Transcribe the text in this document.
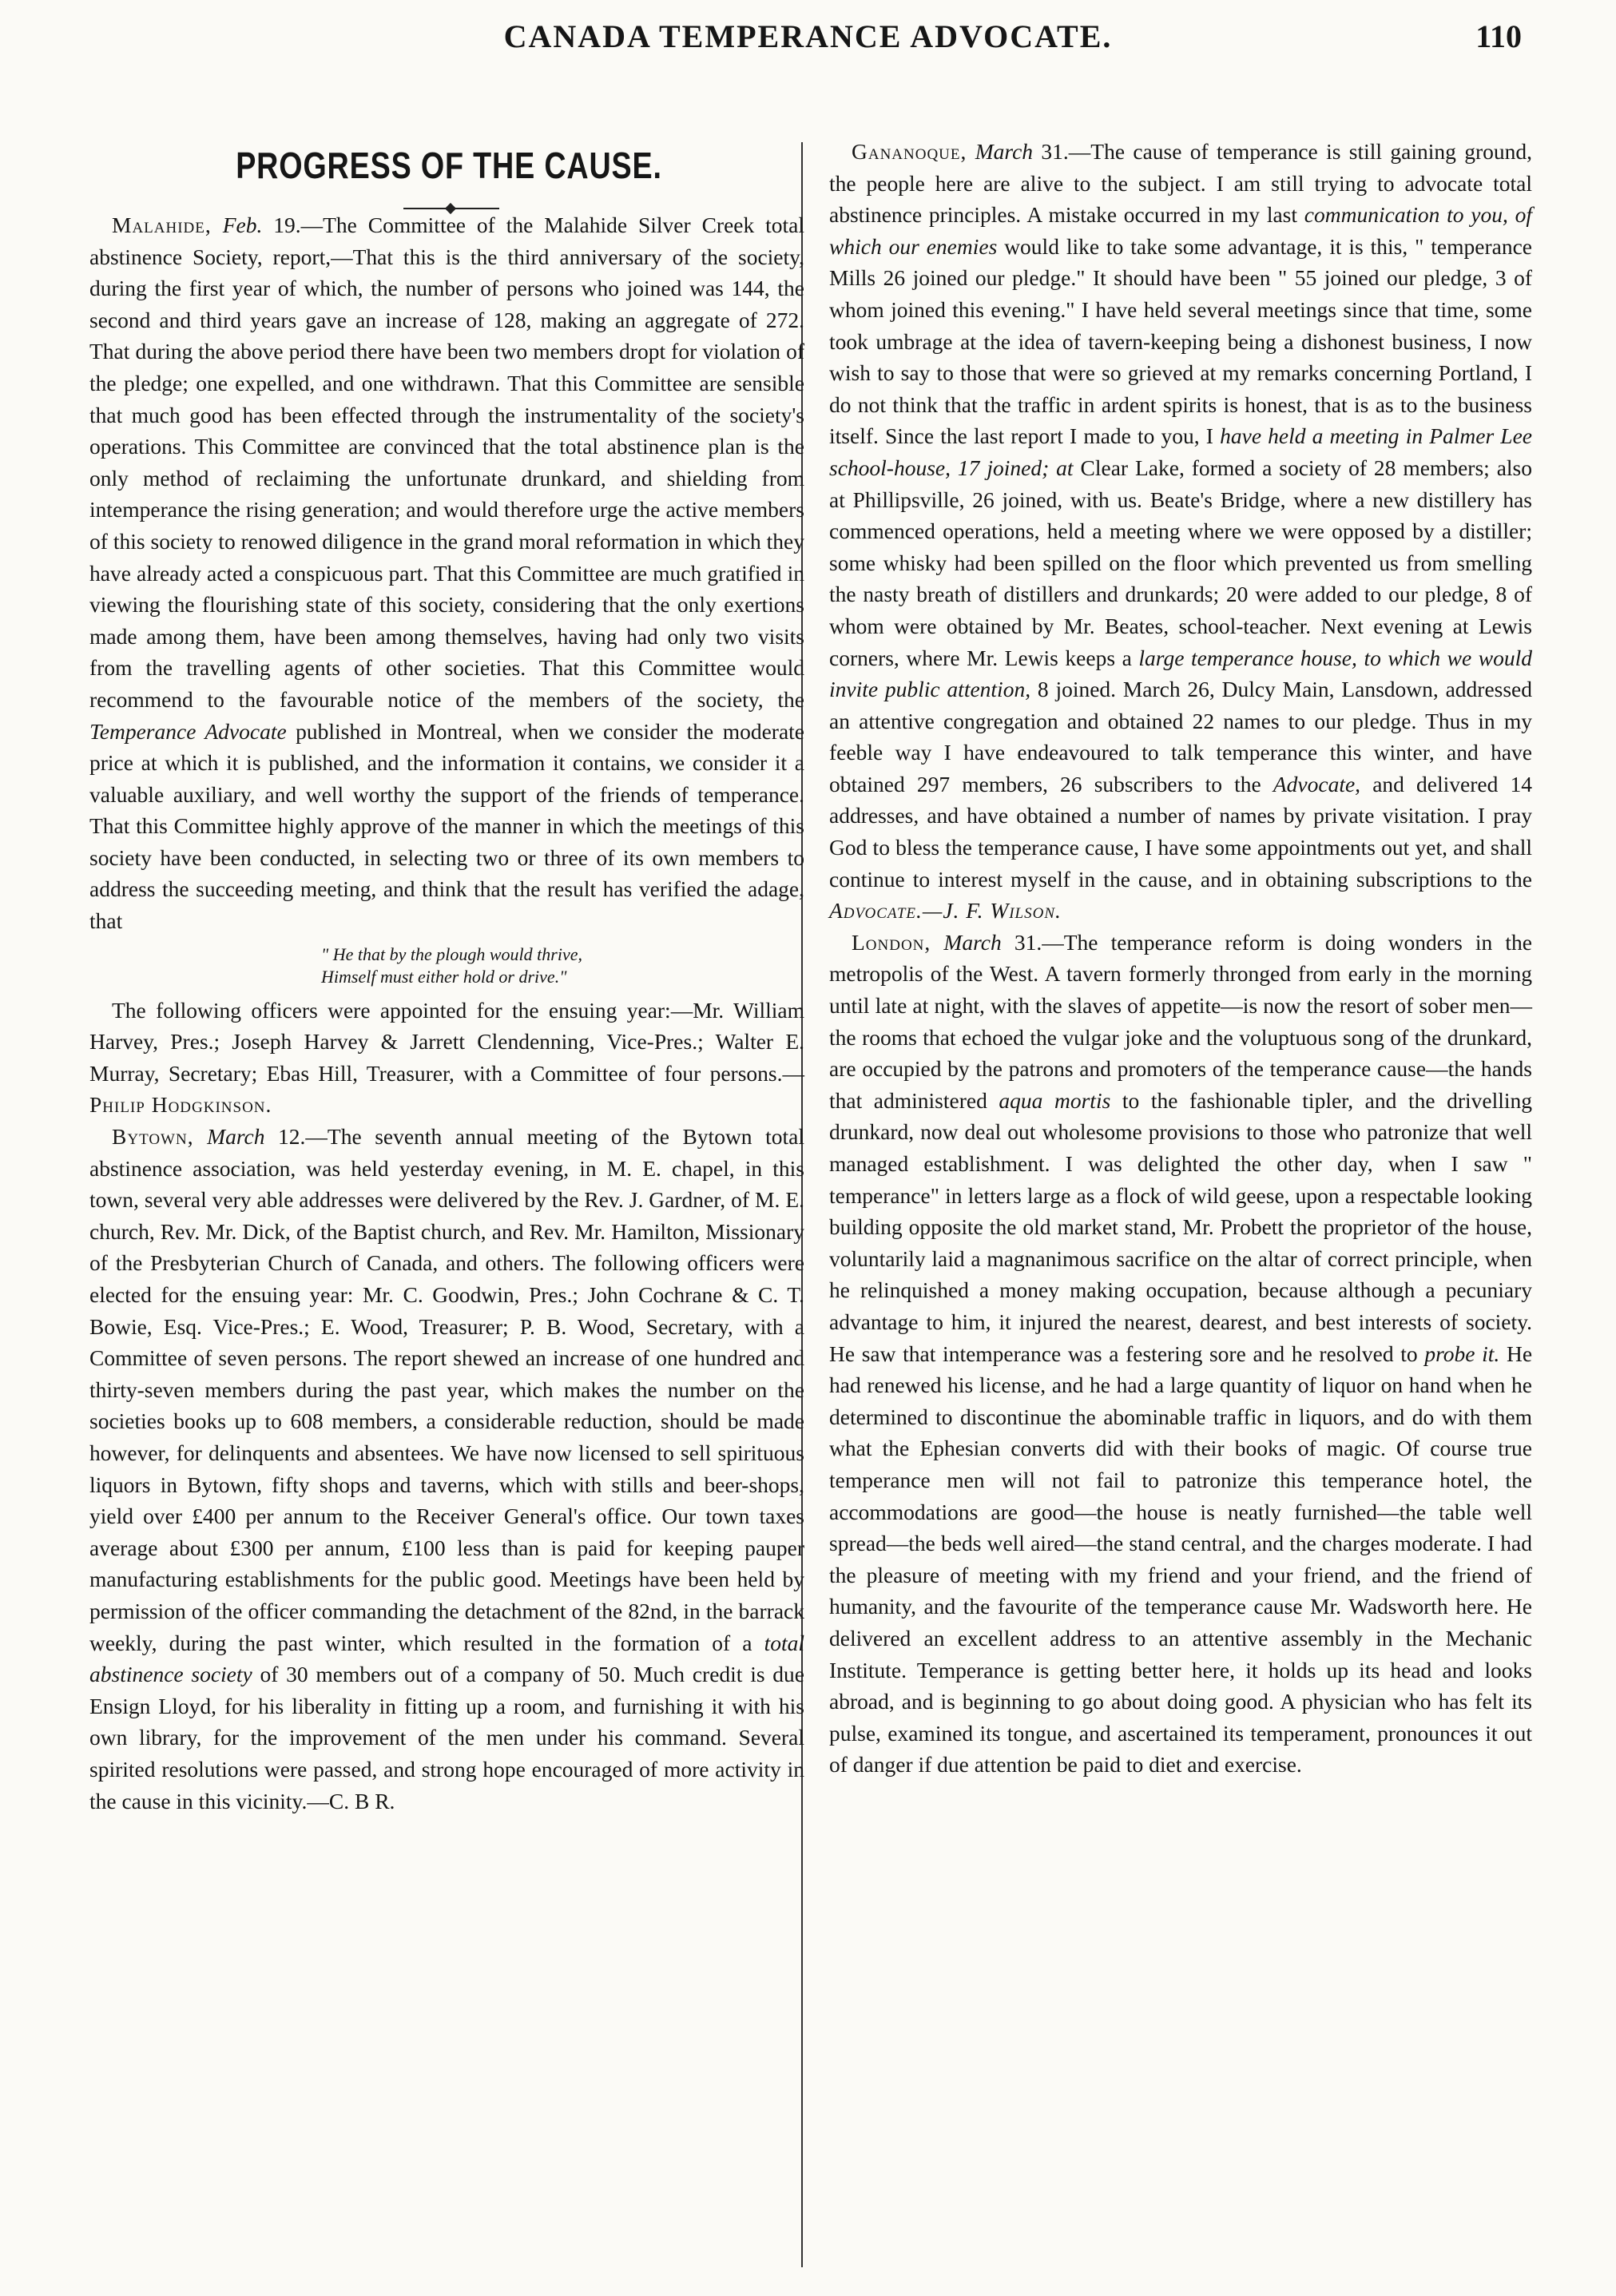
CANADA TEMPERANCE ADVOCATE.	110
PROGRESS OF THE CAUSE.

Malahide, Feb. 19.—The Committee of the Malahide Silver Creek total abstinence Society, report,—That this is the third anniversary of the society, during the first year of which, the number of persons who joined was 144, the second and third years gave an increase of 128, making an aggregate of 272. That during the above period there have been two members dropt for violation of the pledge; one expelled, and one withdrawn. That this Committee are sensible that much good has been effected through the instrumentality of the society's operations. This Committee are convinced that the total abstinence plan is the only method of reclaiming the unfortunate drunkard, and shielding from intemperance the rising generation; and would therefore urge the active members of this society to renowed diligence in the grand moral reformation in which they have already acted a conspicuous part. That this Committee are much gratified in viewing the flourishing state of this society, considering that the only exertions made among them, have been among themselves, having had only two visits from the travelling agents of other societies. That this Committee would recommend to the favourable notice of the members of the society, the Temperance Advocate published in Montreal, when we consider the moderate price at which it is published, and the information it contains, we consider it a valuable auxiliary, and well worthy the support of the friends of temperance. That this Committee highly approve of the manner in which the meetings of this society have been conducted, in selecting two or three of its own members to address the succeeding meeting, and think that the result has verified the adage, that

" He that by the plough would thrive,
Himself must either hold or drive."

The following officers were appointed for the ensuing year:—Mr. William Harvey, Pres.; Joseph Harvey & Jarrett Clendenning, Vice-Pres.; Walter E. Murray, Secretary; Ebas Hill, Treasurer, with a Committee of four persons.—Philip Hodgkinson.

Bytown, March 12.—The seventh annual meeting of the Bytown total abstinence association, was held yesterday evening, in M. E. chapel, in this town, several very able addresses were delivered by the Rev. J. Gardner, of M. E. church, Rev. Mr. Dick, of the Baptist church, and Rev. Mr. Hamilton, Missionary of the Presbyterian Church of Canada, and others. The following officers were elected for the ensuing year: Mr. C. Goodwin, Pres.; John Cochrane & C. T. Bowie, Esq. Vice-Pres.; E. Wood, Treasurer; P. B. Wood, Secretary, with a Committee of seven persons. The report shewed an increase of one hundred and thirty-seven members during the past year, which makes the number on the societies books up to 608 members, a considerable reduction, should be made however, for delinquents and absentees. We have now licensed to sell spirituous liquors in Bytown, fifty shops and taverns, which with stills and beer-shops, yield over £400 per annum to the Receiver General's office. Our town taxes average about £300 per annum, £100 less than is paid for keeping pauper manufacturing establishments for the public good. Meetings have been held by permission of the officer commanding the detachment of the 82nd, in the barrack weekly, during the past winter, which resulted in the formation of a total abstinence society of 30 members out of a company of 50. Much credit is due Ensign Lloyd, for his liberality in fitting up a room, and furnishing it with his own library, for the improvement of the men under his command. Several spirited resolutions were passed, and strong hope encouraged of more activity in the cause in this vicinity.—C. B R.

Gananoque, March 31.—The cause of temperance is still gaining ground, the people here are alive to the subject. I am still trying to advocate total abstinence principles. A mistake occurred in my last communication to you, of which our enemies would like to take some advantage, it is this, " temperance Mills 26 joined our pledge." It should have been " 55 joined our pledge, 3 of whom joined this evening." I have held several meetings since that time, some took umbrage at the idea of tavern-keeping being a dishonest business, I now wish to say to those that were so grieved at my remarks concerning Portland, I do not think that the traffic in ardent spirits is honest, that is as to the business itself. Since the last report I made to you, I have held a meeting in Palmer Lee school-house, 17 joined; at Clear Lake, formed a society of 28 members; also at Phillipsville, 26 joined, with us. Beate's Bridge, where a new distillery has commenced operations, held a meeting where we were opposed by a distiller; some whisky had been spilled on the floor which prevented us from smelling the nasty breath of distillers and drunkards; 20 were added to our pledge, 8 of whom were obtained by Mr. Beates, school-teacher. Next evening at Lewis corners, where Mr. Lewis keeps a large temperance house, to which we would invite public attention, 8 joined. March 26, Dulcy Main, Lansdown, addressed an attentive congregation and obtained 22 names to our pledge. Thus in my feeble way I have endeavoured to talk temperance this winter, and have obtained 297 members, 26 subscribers to the Advocate, and delivered 14 addresses, and have obtained a number of names by private visitation. I pray God to bless the temperance cause, I have some appointments out yet, and shall continue to interest myself in the cause, and in obtaining subscriptions to the Advocate.—J. F. Wilson.

London, March 31.—The temperance reform is doing wonders in the metropolis of the West. A tavern formerly thronged from early in the morning until late at night, with the slaves of appetite—is now the resort of sober men—the rooms that echoed the vulgar joke and the voluptuous song of the drunkard, are occupied by the patrons and promoters of the temperance cause—the hands that administered aqua mortis to the fashionable tipler, and the drivelling drunkard, now deal out wholesome provisions to those who patronize that well managed establishment. I was delighted the other day, when I saw " temperance" in letters large as a flock of wild geese, upon a respectable looking building opposite the old market stand, Mr. Probett the proprietor of the house, voluntarily laid a magnanimous sacrifice on the altar of correct principle, when he relinquished a money making occupation, because although a pecuniary advantage to him, it injured the nearest, dearest, and best interests of society. He saw that intemperance was a festering sore and he resolved to probe it. He had renewed his license, and he had a large quantity of liquor on hand when he determined to discontinue the abominable traffic in liquors, and do with them what the Ephesian converts did with their books of magic. Of course true temperance men will not fail to patronize this temperance hotel, the accommodations are good—the house is neatly furnished—the table well spread—the beds well aired—the stand central, and the charges moderate. I had the pleasure of meeting with my friend and your friend, and the friend of humanity, and the favourite of the temperance cause Mr. Wadsworth here. He delivered an excellent address to an attentive assembly in the Mechanic Institute. Temperance is getting better here, it holds up its head and looks abroad, and is beginning to go about doing good. A physician who has felt its pulse, examined its tongue, and ascertained its temperament, pronounces it out of danger if due attention be paid to diet and exercise.
